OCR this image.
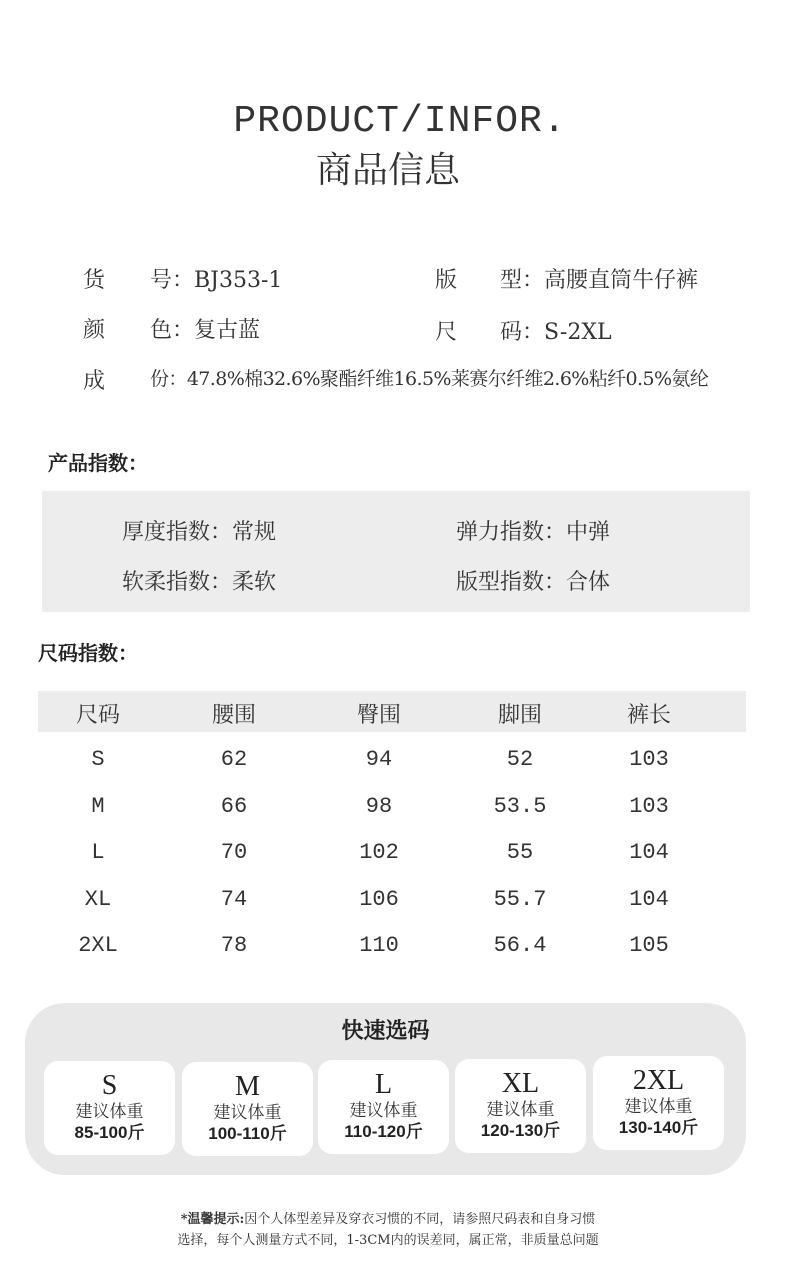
PRODUCT/INFOR.
商品信息
货 号：BJ353-1	版 型：高腰直筒牛仔裤
颜 色：复古蓝	尺 码：S-2XL
成 份：47.8%棉32.6%聚酯纤维16.5%莱赛尔纤维2.6%粘纤0.5%氨纶
产品指数：
厚度指数：常规	弹力指数：中弹
软柔指数：柔软	版型指数：合体
尺码指数：
尺码	腰围	臀围	脚围	裤长
S	62	94	52	103
M	66	98	53.5	103
L	70	102	55	104
XL	74	106	55.7	104
2XL	78	110	56.4	105
快速选码
S
建议体重
85-100斤
M
建议体重
100-110斤
L
建议体重
110-120斤
XL
建议体重
120-130斤
2XL
建议体重
130-140斤
*温馨提示:因个人体型差异及穿衣习惯的不同，请参照尺码表和自身习惯
选择，每个人测量方式不同，1-3CM内的误差同，属正常，非质量总问题
